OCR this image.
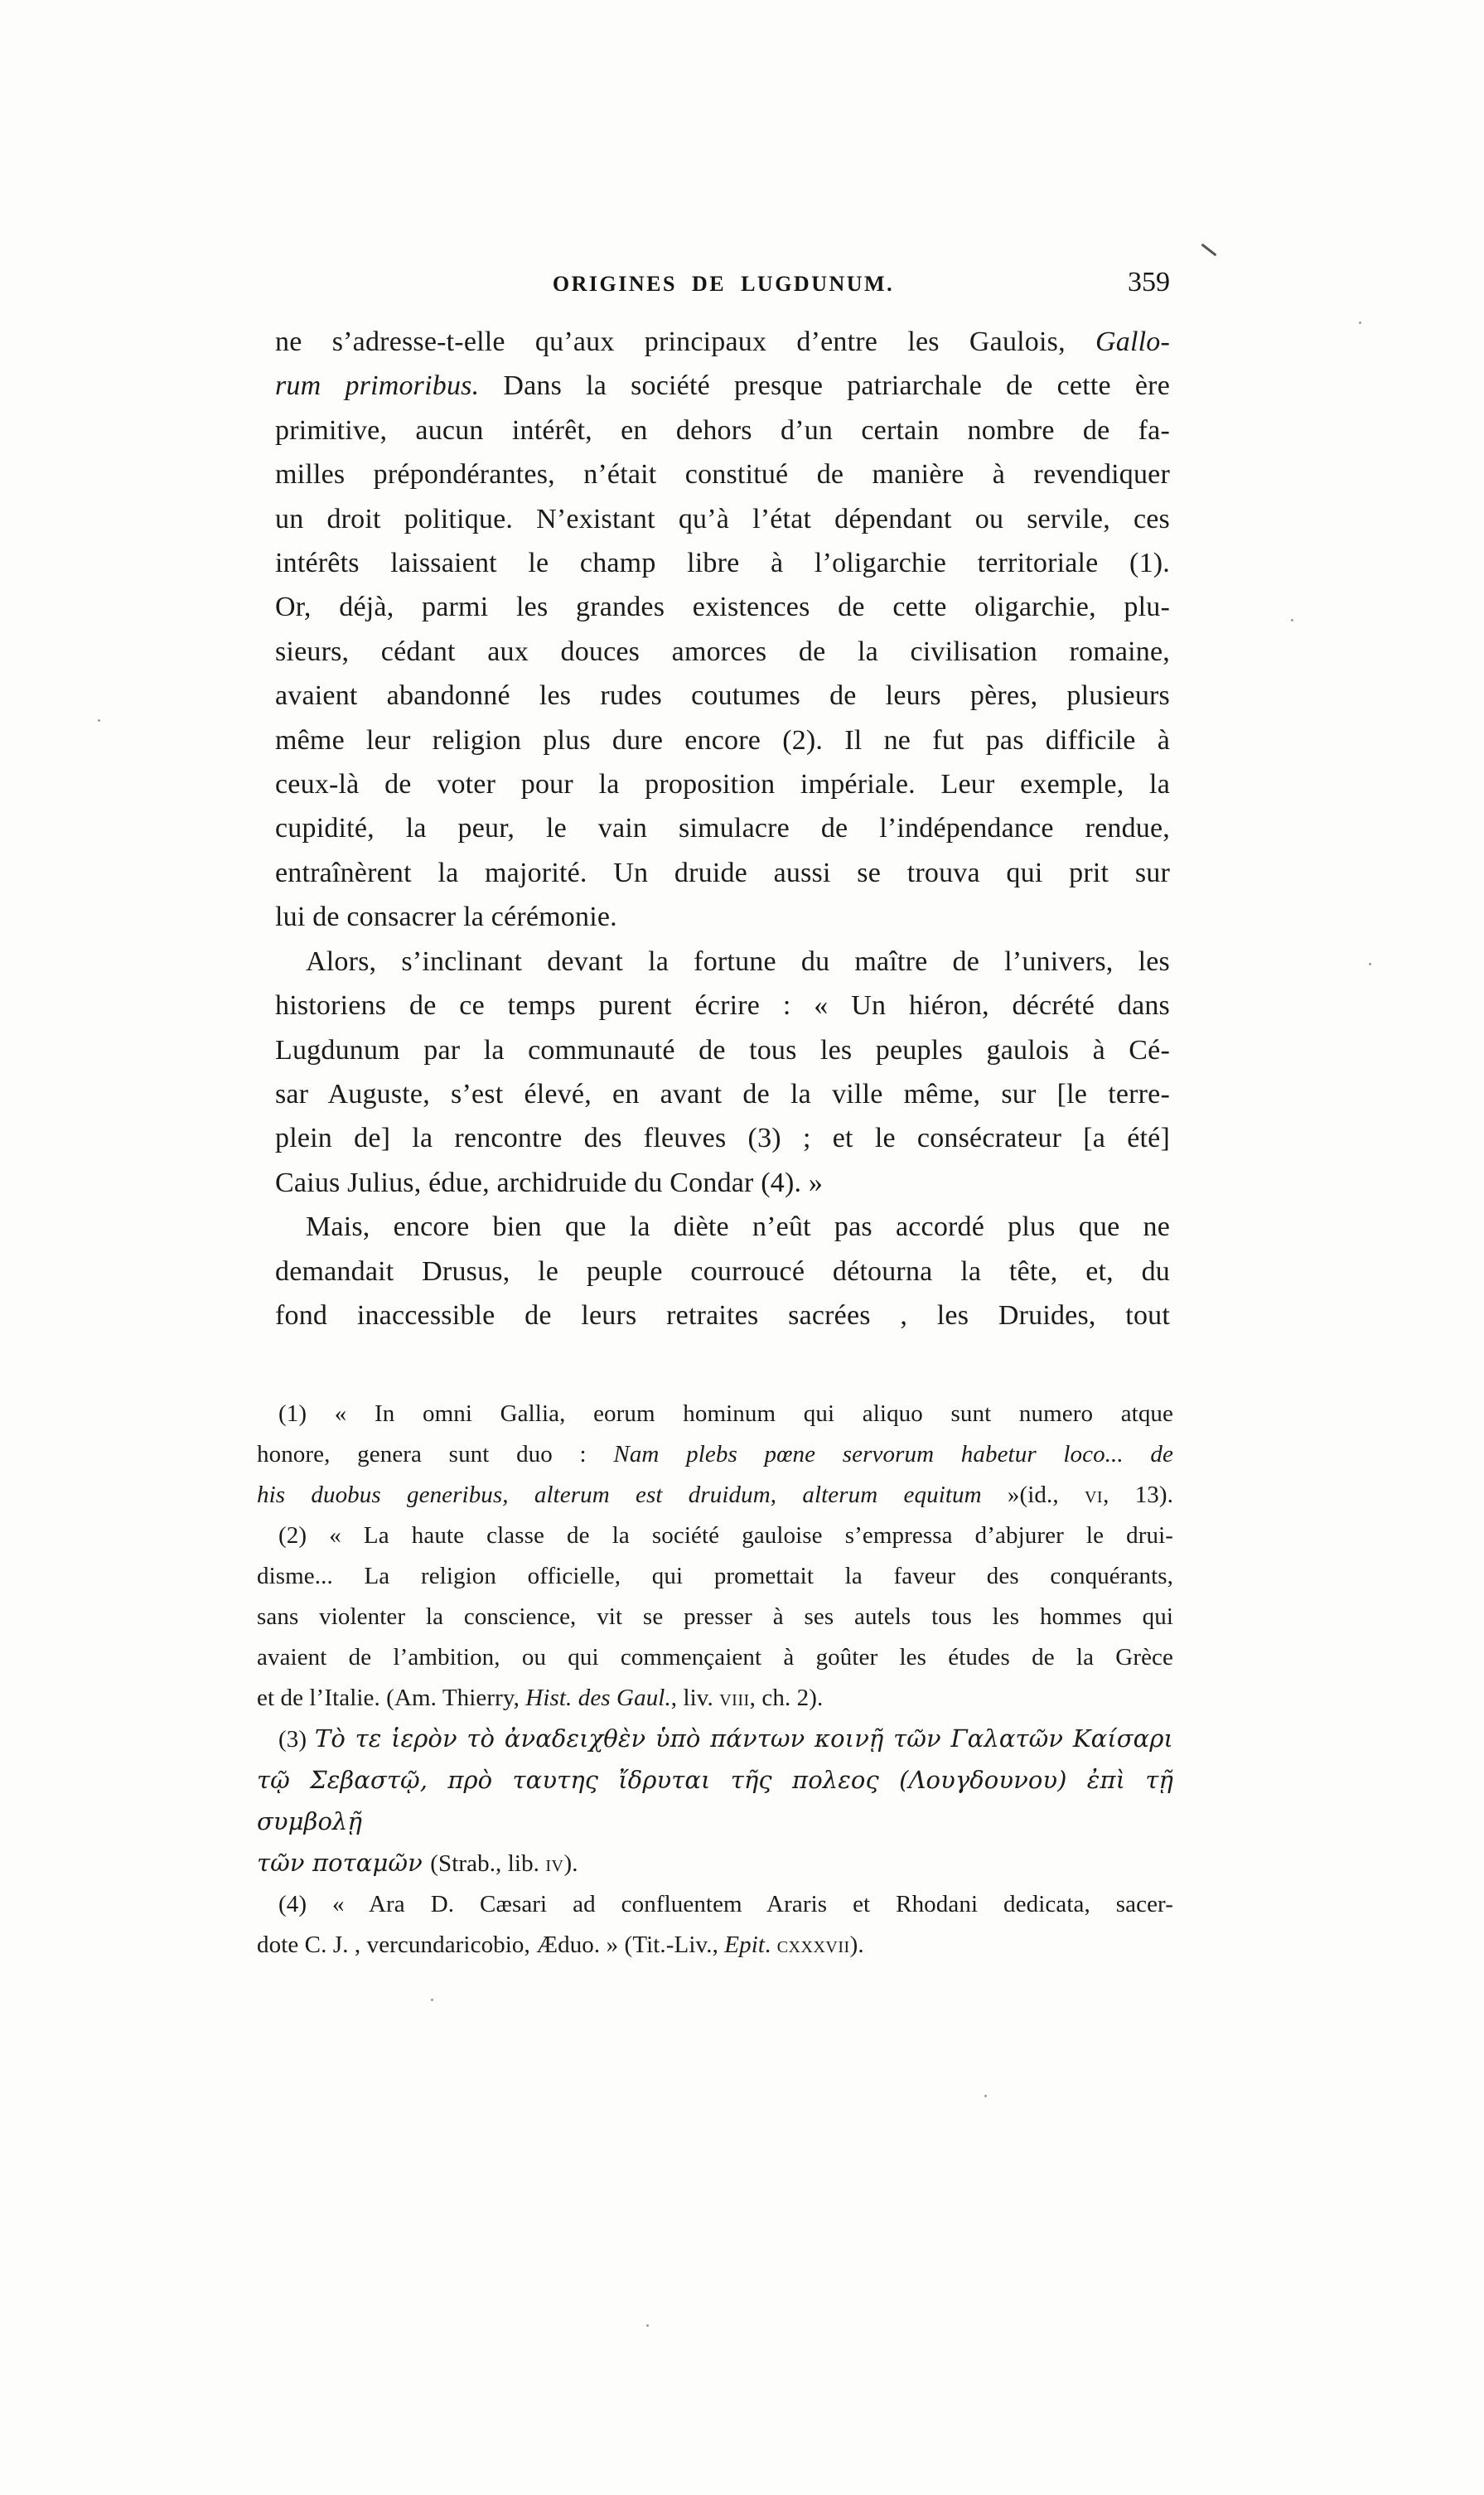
ORIGINES DE LUGDUNUM.	359
ne s’adresse-t-elle qu’aux principaux d’entre les Gaulois, Gallo-
rum primoribus. Dans la société presque patriarchale de cette ère
primitive, aucun intérêt, en dehors d’un certain nombre de fa-
milles prépondérantes, n’était constitué de manière à revendiquer
un droit politique. N’existant qu’à l’état dépendant ou servile, ces
intérêts laissaient le champ libre à l’oligarchie territoriale (1).
Or, déjà, parmi les grandes existences de cette oligarchie, plu-
sieurs, cédant aux douces amorces de la civilisation romaine,
avaient abandonné les rudes coutumes de leurs pères, plusieurs
même leur religion plus dure encore (2). Il ne fut pas difficile à
ceux-là de voter pour la proposition impériale. Leur exemple, la
cupidité, la peur, le vain simulacre de l’indépendance rendue,
entraînèrent la majorité. Un druide aussi se trouva qui prit sur
lui de consacrer la cérémonie.
Alors, s’inclinant devant la fortune du maître de l’univers, les
historiens de ce temps purent écrire : « Un hiéron, décrété dans
Lugdunum par la communauté de tous les peuples gaulois à Cé-
sar Auguste, s’est élevé, en avant de la ville même, sur [le terre-
plein de] la rencontre des fleuves (3) ; et le consécrateur [a été]
Caius Julius, édue, archidruide du Condar (4). »
Mais, encore bien que la diète n’eût pas accordé plus que ne
demandait Drusus, le peuple courroucé détourna la tête, et, du
fond inaccessible de leurs retraites sacrées , les Druides, tout
(1) « In omni Gallia, eorum hominum qui aliquo sunt numero atque
honore, genera sunt duo : Nam plebs pœne servorum habetur loco... de
his duobus generibus, alterum est druidum, alterum equitum »(id., vi, 13).
(2) « La haute classe de la société gauloise s’empressa d’abjurer le drui-
disme... La religion officielle, qui promettait la faveur des conquérants,
sans violenter la conscience, vit se presser à ses autels tous les hommes qui
avaient de l’ambition, ou qui commençaient à goûter les études de la Grèce
et de l’Italie. (Am. Thierry, Hist. des Gaul., liv. viii, ch. 2).
(3) Τὸ τε ἱερὸν τὸ ἀναδειχθὲν ὑπὸ πάντων κοινῇ τῶν Γαλατῶν Καίσαρι
τῷ Σεβαστῷ, πρὸ ταυτης ἴδρυται τῆς πολεος (Λουγδουνου) ἐπὶ τῇ συμβολῇ
τῶν ποταμῶν (Strab., lib. iv).
(4) « Ara D. Cæsari ad confluentem Araris et Rhodani dedicata, sacer-
dote C. J. , vercundaricobio, Æduo. » (Tit.-Liv., Epit. cxxxvii).
